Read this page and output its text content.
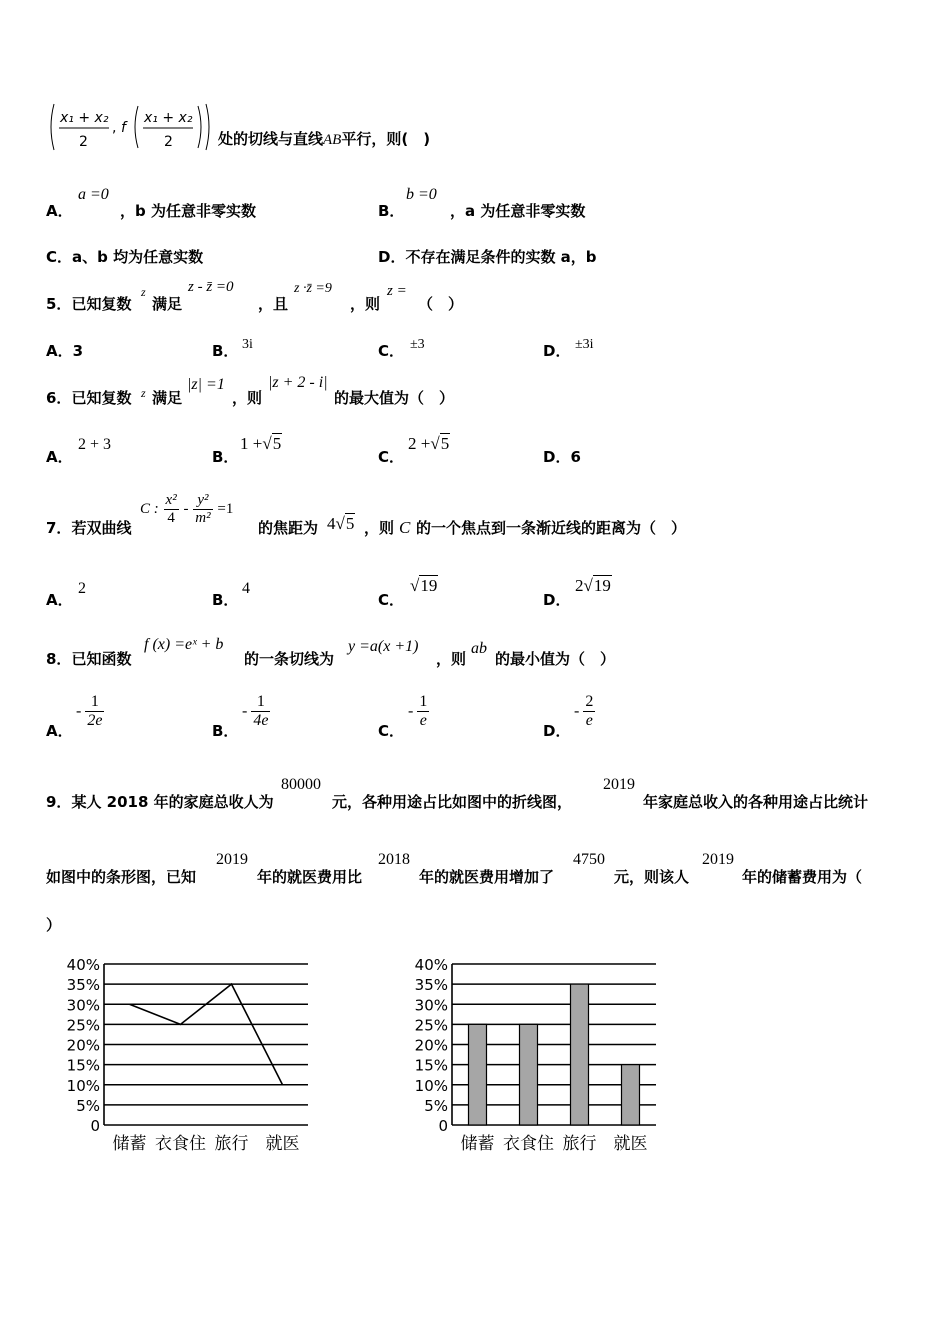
x₁ + x₂
2
, f
x₁ + x₂
2	处的切线与直线AB平行，则(　)
A．
a =0
，b 为任意非零实数	B．
b =0
，a 为任意非零实数
C．a、b 均为任意实数	D．不存在满足条件的实数 a，b
5．已知复数
z
满足
z - z̄ =0
，且
z ·z̄ =9
，则
z =
（　）
A．3	B． 3i	C． ±3	D． ±3i
6．已知复数 z 满足
|z| =1
，则
|z + 2 - i|
的最大值为（　）
A．
2 + 3
B．
1 +√5
C．
2 +√5
D．6
7．若双曲线
C : $\frac{\text{x²}}{4} - \frac{\text{y²}}{\text{m²}} =1$
的焦距为 4√5 ，则 C 的一个焦点到一条渐近线的距离为（　）
A．
2
B．
4
C．
√19
D．
2√19
8．已知函数
f (x) =eˣ + b
的一条切线为
y =a(x +1)
，则
ab
的最小值为（　）
A．
- $\frac{1}{2e}$
B．
- $\frac{1}{4e}$
C．
- $\frac{1}{e}$
D．
- $\frac{2}{e}$
9．某人 2018 年的家庭总收人为
80000
元，各种用途占比如图中的折线图，
2019
年家庭总收入的各种用途占比统计
如图中的条形图，已知
2019
年的就医费用比
2018
年的就医费用增加了
4750
元，则该人
2019
年的储蓄费用为（
）
40%
35%
30%
25%
20%
15%
10%
5%
0
储蓄 衣食住 旅行 就医
40%
35%
30%
25%
20%
15%
10%
5%
0
储蓄 衣食住 旅行 就医
